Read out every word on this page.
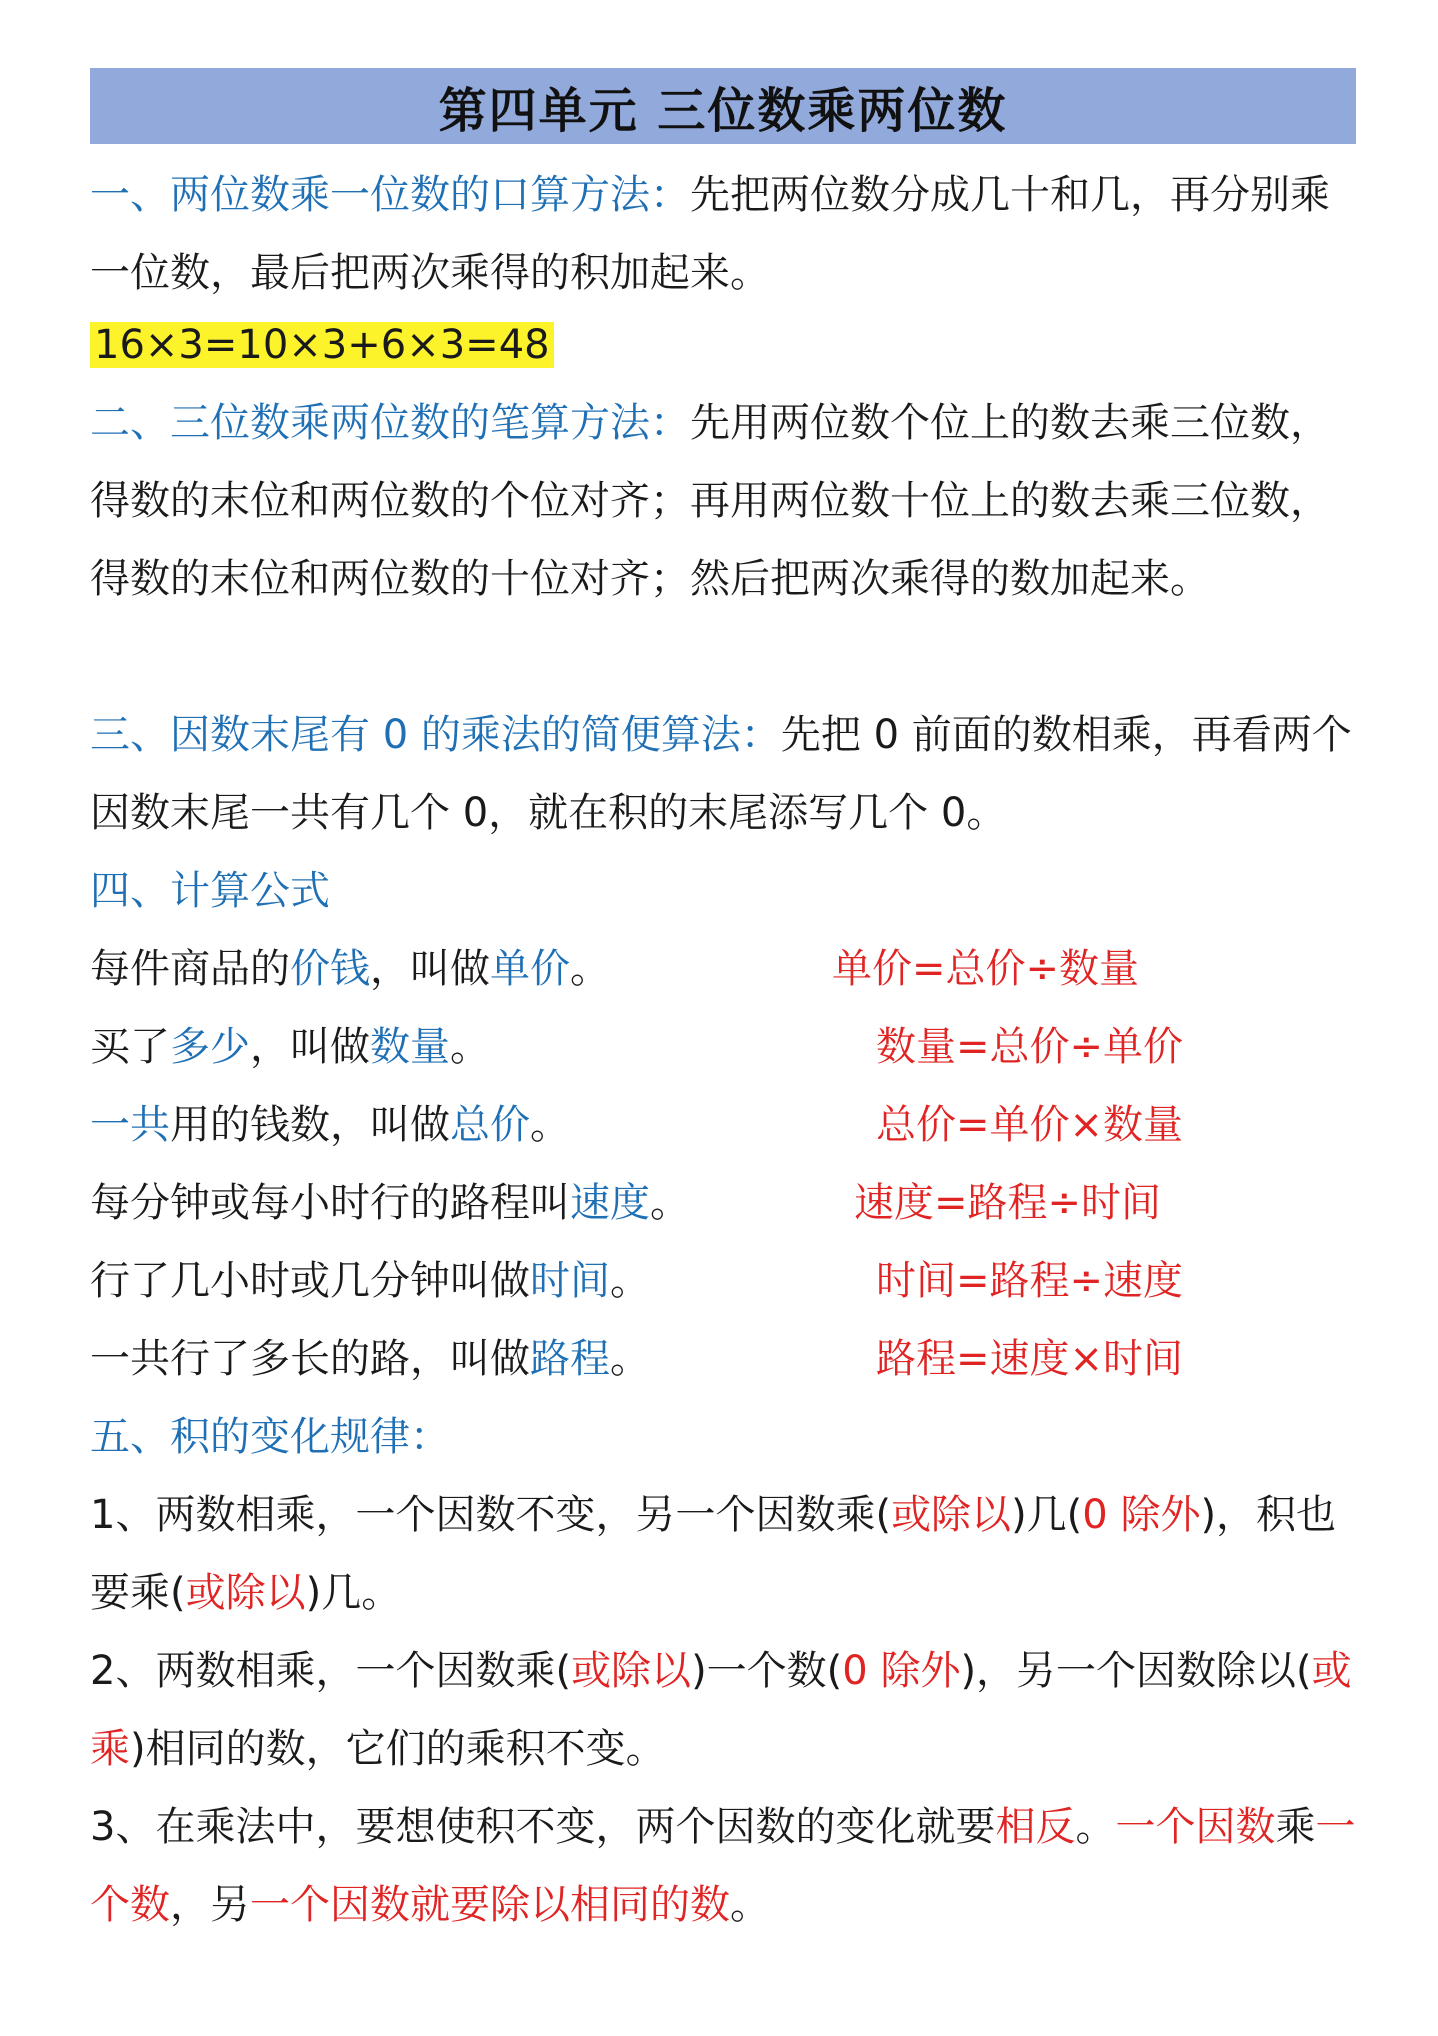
第四单元 三位数乘两位数
一、两位数乘一位数的口算方法：先把两位数分成几十和几，再分别乘一位数，最后把两次乘得的积加起来。
16×3=10×3+6×3=48
二、三位数乘两位数的笔算方法：先用两位数个位上的数去乘三位数，得数的末位和两位数的个位对齐；再用两位数十位上的数去乘三位数，得数的末位和两位数的十位对齐；然后把两次乘得的数加起来。
三、因数末尾有 0 的乘法的简便算法：先把 0 前面的数相乘，再看两个因数末尾一共有几个 0，就在积的末尾添写几个 0。
四、计算公式
每件商品的价钱，叫做单价。	单价=总价÷数量
买了多少，叫做数量。	数量=总价÷单价
一共用的钱数，叫做总价。	总价=单价×数量
每分钟或每小时行的路程叫速度。	速度=路程÷时间
行了几小时或几分钟叫做时间。	时间=路程÷速度
一共行了多长的路，叫做路程。	路程=速度×时间
五、积的变化规律：
1、两数相乘，一个因数不变，另一个因数乘(或除以)几(0 除外)，积也要乘(或除以)几。
2、两数相乘，一个因数乘(或除以)一个数(0 除外)，另一个因数除以(或乘)相同的数，它们的乘积不变。
3、在乘法中，要想使积不变，两个因数的变化就要相反。一个因数乘一个数，另一个因数就要除以相同的数。
